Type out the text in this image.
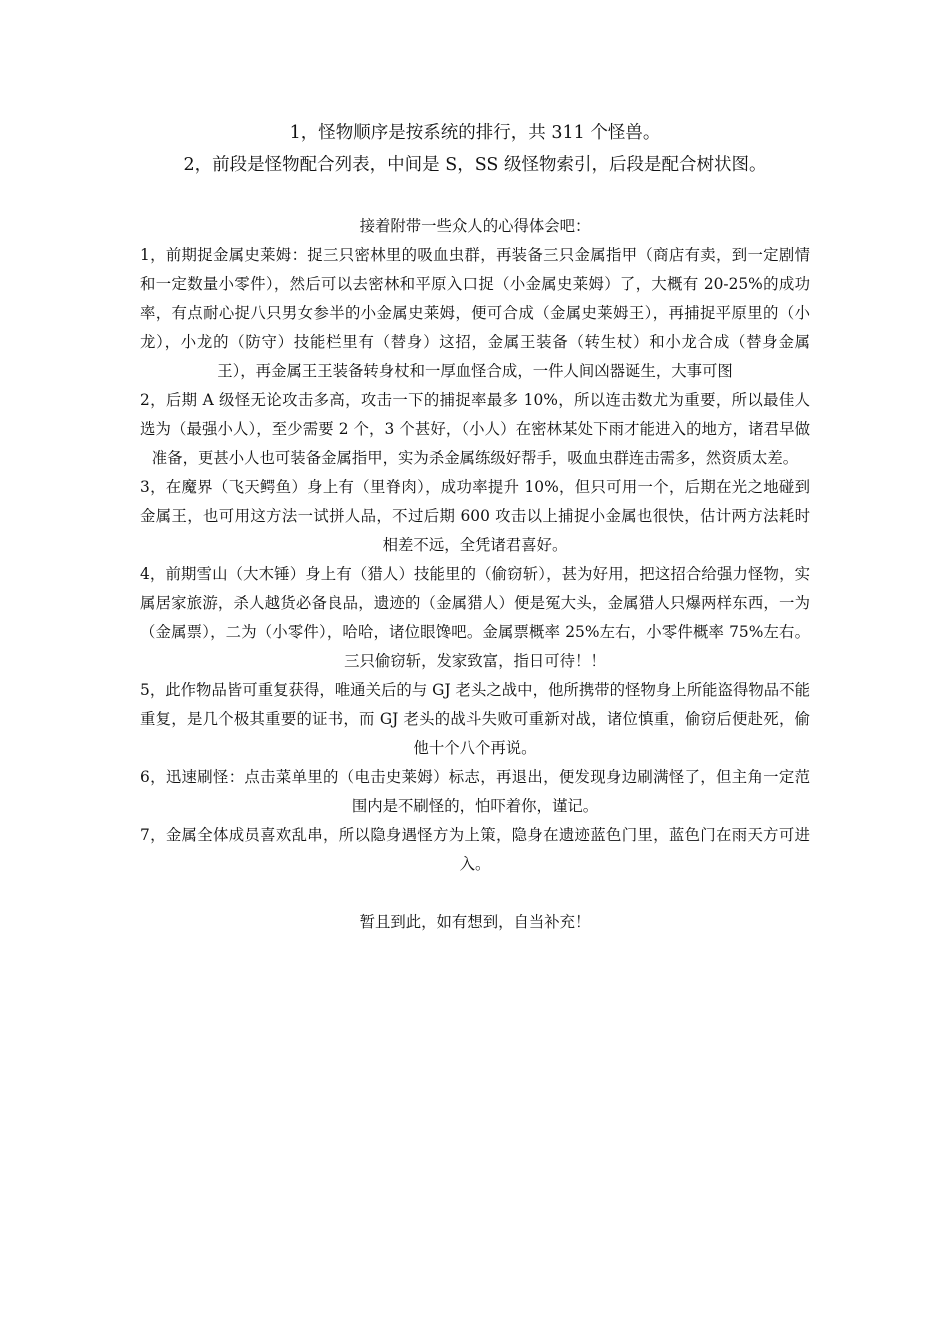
1，怪物顺序是按系统的排行，共 311 个怪兽。
2，前段是怪物配合列表，中间是 S，SS 级怪物索引，后段是配合树状图。

接着附带一些众人的心得体会吧：

1，前期捉金属史莱姆：捉三只密林里的吸血虫群，再装备三只金属指甲（商店有卖，到一定剧情和一定数量小零件），然后可以去密林和平原入口捉（小金属史莱姆）了，大概有 20-25%的成功率，有点耐心捉八只男女参半的小金属史莱姆，便可合成（金属史莱姆王），再捕捉平原里的（小龙），小龙的（防守）技能栏里有（替身）这招，金属王装备（转生杖）和小龙合成（替身金属王），再金属王王装备转身杖和一厚血怪合成，一件人间凶器诞生，大事可图

2，后期 A 级怪无论攻击多高，攻击一下的捕捉率最多 10%，所以连击数尤为重要，所以最佳人选为（最强小人），至少需要 2 个，3 个甚好，（小人）在密林某处下雨才能进入的地方，诸君早做准备，更甚小人也可装备金属指甲，实为杀金属练级好帮手，吸血虫群连击需多，然资质太差。

3，在魔界（飞天鳄鱼）身上有（里脊肉），成功率提升 10%，但只可用一个，后期在光之地碰到金属王，也可用这方法一试拼人品，不过后期 600 攻击以上捕捉小金属也很快，估计两方法耗时相差不远，全凭诸君喜好。

4，前期雪山（大木锤）身上有（猎人）技能里的（偷窃斩），甚为好用，把这招合给强力怪物，实属居家旅游，杀人越货必备良品，遗迹的（金属猎人）便是冤大头，金属猎人只爆两样东西，一为（金属票），二为（小零件），哈哈，诸位眼馋吧。金属票概率 25%左右，小零件概率 75%左右。三只偷窃斩，发家致富，指日可待！！

5，此作物品皆可重复获得，唯通关后的与 GJ 老头之战中，他所携带的怪物身上所能盗得物品不能重复，是几个极其重要的证书，而 GJ 老头的战斗失败可重新对战，诸位慎重，偷窃后便赴死，偷他十个八个再说。

6，迅速刷怪：点击菜单里的（电击史莱姆）标志，再退出，便发现身边刷满怪了，但主角一定范围内是不刷怪的，怕吓着你，谨记。

7，金属全体成员喜欢乱串，所以隐身遇怪方为上策，隐身在遗迹蓝色门里，蓝色门在雨天方可进入。

暂且到此，如有想到，自当补充！
